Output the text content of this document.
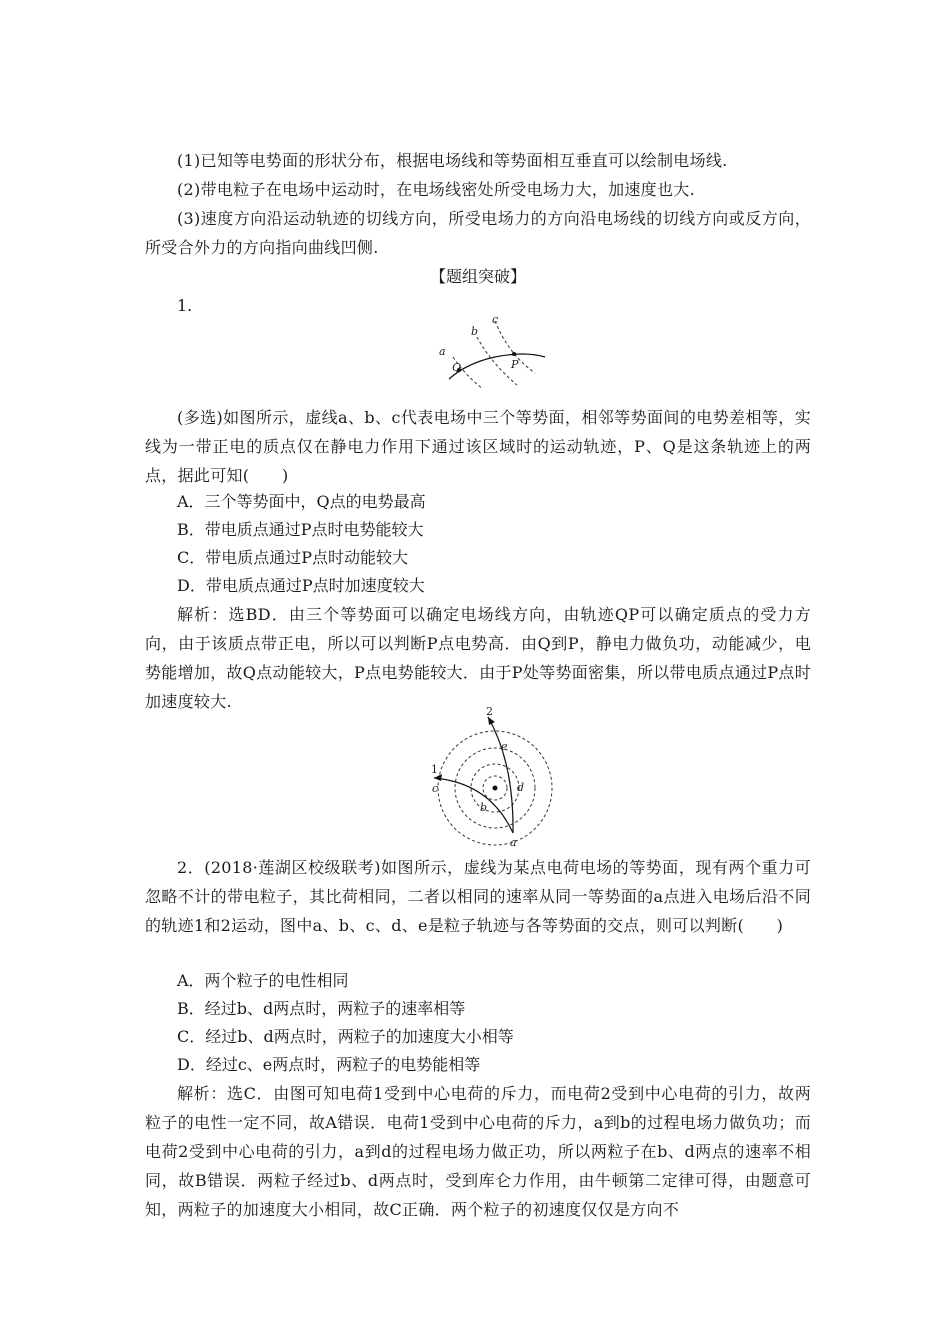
(1)已知等电势面的形状分布，根据电场线和等势面相互垂直可以绘制电场线.
(2)带电粒子在电场中运动时，在电场线密处所受电场力大，加速度也大.
(3)速度方向沿运动轨迹的切线方向，所受电场力的方向沿电场线的切线方向或反方向，所受合外力的方向指向曲线凹侧.
【题组突破】
1.
a
b
c
Q	P
(多选)如图所示，虚线a、b、c代表电场中三个等势面，相邻等势面间的电势差相等，实线为一带正电的质点仅在静电力作用下通过该区域时的运动轨迹，P、Q是这条轨迹上的两点，据此可知(　　)
A．三个等势面中，Q点的电势最高
B．带电质点通过P点时电势能较大
C．带电质点通过P点时动能较大
D．带电质点通过P点时加速度较大
解析：选BD．由三个等势面可以确定电场线方向，由轨迹QP可以确定质点的受力方向，由于该质点带正电，所以可以判断P点电势高．由Q到P，静电力做负功，动能减少，电势能增加，故Q点动能较大，P点电势能较大．由于P处等势面密集，所以带电质点通过P点时加速度较大.
1
2
a
b
c	d
e
2．(2018·莲湖区校级联考)如图所示，虚线为某点电荷电场的等势面，现有两个重力可忽略不计的带电粒子，其比荷相同，二者以相同的速率从同一等势面的a点进入电场后沿不同的轨迹1和2运动，图中a、b、c、d、e是粒子轨迹与各等势面的交点，则可以判断(　　)
A．两个粒子的电性相同
B．经过b、d两点时，两粒子的速率相等
C．经过b、d两点时，两粒子的加速度大小相等
D．经过c、e两点时，两粒子的电势能相等
解析：选C．由图可知电荷1受到中心电荷的斥力，而电荷2受到中心电荷的引力，故两粒子的电性一定不同，故A错误．电荷1受到中心电荷的斥力，a到b的过程电场力做负功；而电荷2受到中心电荷的引力，a到d的过程电场力做正功，所以两粒子在b、d两点的速率不相同，故B错误．两粒子经过b、d两点时，受到库仑力作用，由牛顿第二定律可得，由题意可知，两粒子的加速度大小相同，故C正确．两个粒子的初速度仅仅是方向不
